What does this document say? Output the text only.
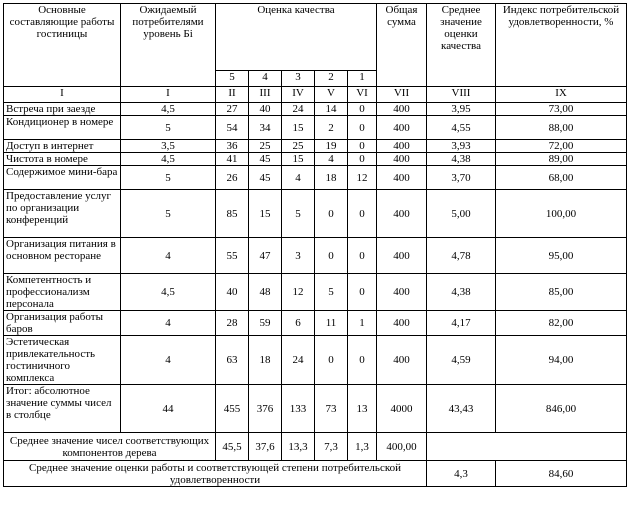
Основные составляющие работы гостиницы	Ожидаемый потребителями уровень Бi	Оценка качества					Общая сумма	Среднее значение оценки качества	Индекс потребительской удовлетворенности, %
		5	4	3	2	1			
I	I	II	III	IV	V	VI	VII	VIII	IX
Встреча при заезде	4,5	27	40	24	14	0	400	3,95	73,00
Кондиционер в номере	5	54	34	15	2	0	400	4,55	88,00
Доступ в интернет	3,5	36	25	25	19	0	400	3,93	72,00
Чистота в номере	4,5	41	45	15	4	0	400	4,38	89,00
Содержимое мини-бара	5	26	45	4	18	12	400	3,70	68,00
Предоставление услуг по организации конференций	5	85	15	5	0	0	400	5,00	100,00
Организация питания в основном ресторане	4	55	47	3	0	0	400	4,78	95,00
Компетентность и профессионализм персонала	4,5	40	48	12	5	0	400	4,38	85,00
Организация работы баров	4	28	59	6	11	1	400	4,17	82,00
Эстетическая привлекательность гостиничного комплекса	4	63	18	24	0	0	400	4,59	94,00
Итог: абсолютное значение суммы чисел в столбце	44	455	376	133	73	13	4000	43,43	846,00
Среднее значение чисел соответствующих компонентов дерева		45,5	37,6	13,3	7,3	1,3	400,00		
Среднее значение оценки работы и соответствующей степени потребительской удовлетворенности								4,3	84,60
